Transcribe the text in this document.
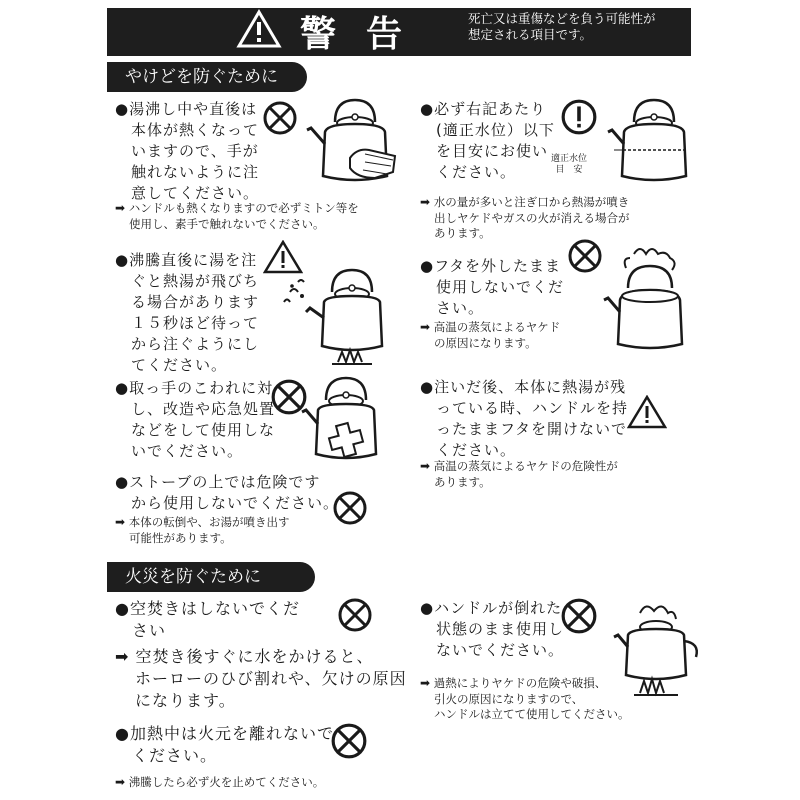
警告	死亡又は重傷などを負う可能性が
想定される項目です。
やけどを防ぐために
●湯沸し中や直後は
　本体が熱くなって
　いますので、手が
　触れないように注
　意してください。
➡ ハンドルも熱くなりますので必ずミトン等を
使用し、素手で触れないでください。
●沸騰直後に湯を注
　ぐと熱湯が飛びち
　る場合があります
　１５秒ほど待って
　から注ぐようにし
　てください。
●取っ手のこわれに対
　し、改造や応急処置
　などをして使用しな
　いでください。
●ストーブの上では危険です
　から使用しないでください。
➡ 本体の転倒や、お湯が噴き出す
可能性があります。
●必ず右記あたり
　(適正水位）以下
　を目安にお使い
　ください。
➡ 水の量が多いと注ぎ口から熱湯が噴き
出しヤケドやガスの火が消える場合が
あります。
●フタを外したまま
　使用しないでくだ
　さい。
➡ 高温の蒸気によるヤケド
の原因になります。
●注いだ後、本体に熱湯が残
　っている時、ハンドルを持
　ったままフタを開けないで
　ください。
➡ 高温の蒸気によるヤケドの危険性が
あります。
火災を防ぐために
●空焚きはしないでくだ
　さい
➡ 空焚き後すぐに水をかけると、
ホーローのひび割れや、欠けの原因
になります。
●加熱中は火元を離れないで
　ください。
➡ 沸騰したら必ず火を止めてください。
●ハンドルが倒れた
　状態のまま使用し
　ないでください。
➡ 過熱によりヤケドの危険や破損、
引火の原因になりますので、
ハンドルは立てて使用してください。
適正水位
目　安
